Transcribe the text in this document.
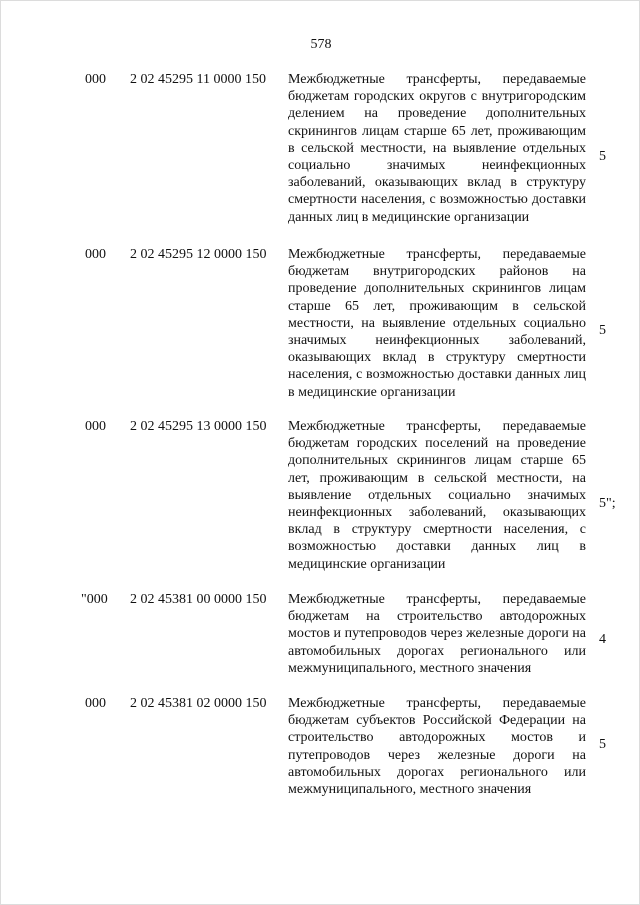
578
000 2 02 45295 11 0000 150 Межбюджетные трансферты, передаваемые бюджетам городских округов с внутригородским делением на проведение дополнительных скринингов лицам старше 65 лет, проживающим в сельской местности, на выявление отдельных социально значимых неинфекционных заболеваний, оказывающих вклад в структуру смертности населения, с возможностью доставки данных лиц в медицинские организации
5
000 2 02 45295 12 0000 150 Межбюджетные трансферты, передаваемые бюджетам внутригородских районов на проведение дополнительных скринингов лицам старше 65 лет, проживающим в сельской местности, на выявление отдельных социально значимых неинфекционных заболеваний, оказывающих вклад в структуру смертности населения, с возможностью доставки данных лиц в медицинские организации
5
000 2 02 45295 13 0000 150 Межбюджетные трансферты, передаваемые бюджетам городских поселений на проведение дополнительных скринингов лицам старше 65 лет, проживающим в сельской местности, на выявление отдельных социально значимых неинфекционных заболеваний, оказывающих вклад в структуру смертности населения, с возможностью доставки данных лиц в медицинские организации
5";
"000 2 02 45381 00 0000 150 Межбюджетные трансферты, передаваемые бюджетам на строительство автодорожных мостов и путепроводов через железные дороги на автомобильных дорогах регионального или межмуниципального, местного значения
4
000 2 02 45381 02 0000 150 Межбюджетные трансферты, передаваемые бюджетам субъектов Российской Федерации на строительство автодорожных мостов и путепроводов через железные дороги на автомобильных дорогах регионального или межмуниципального, местного значения
5
